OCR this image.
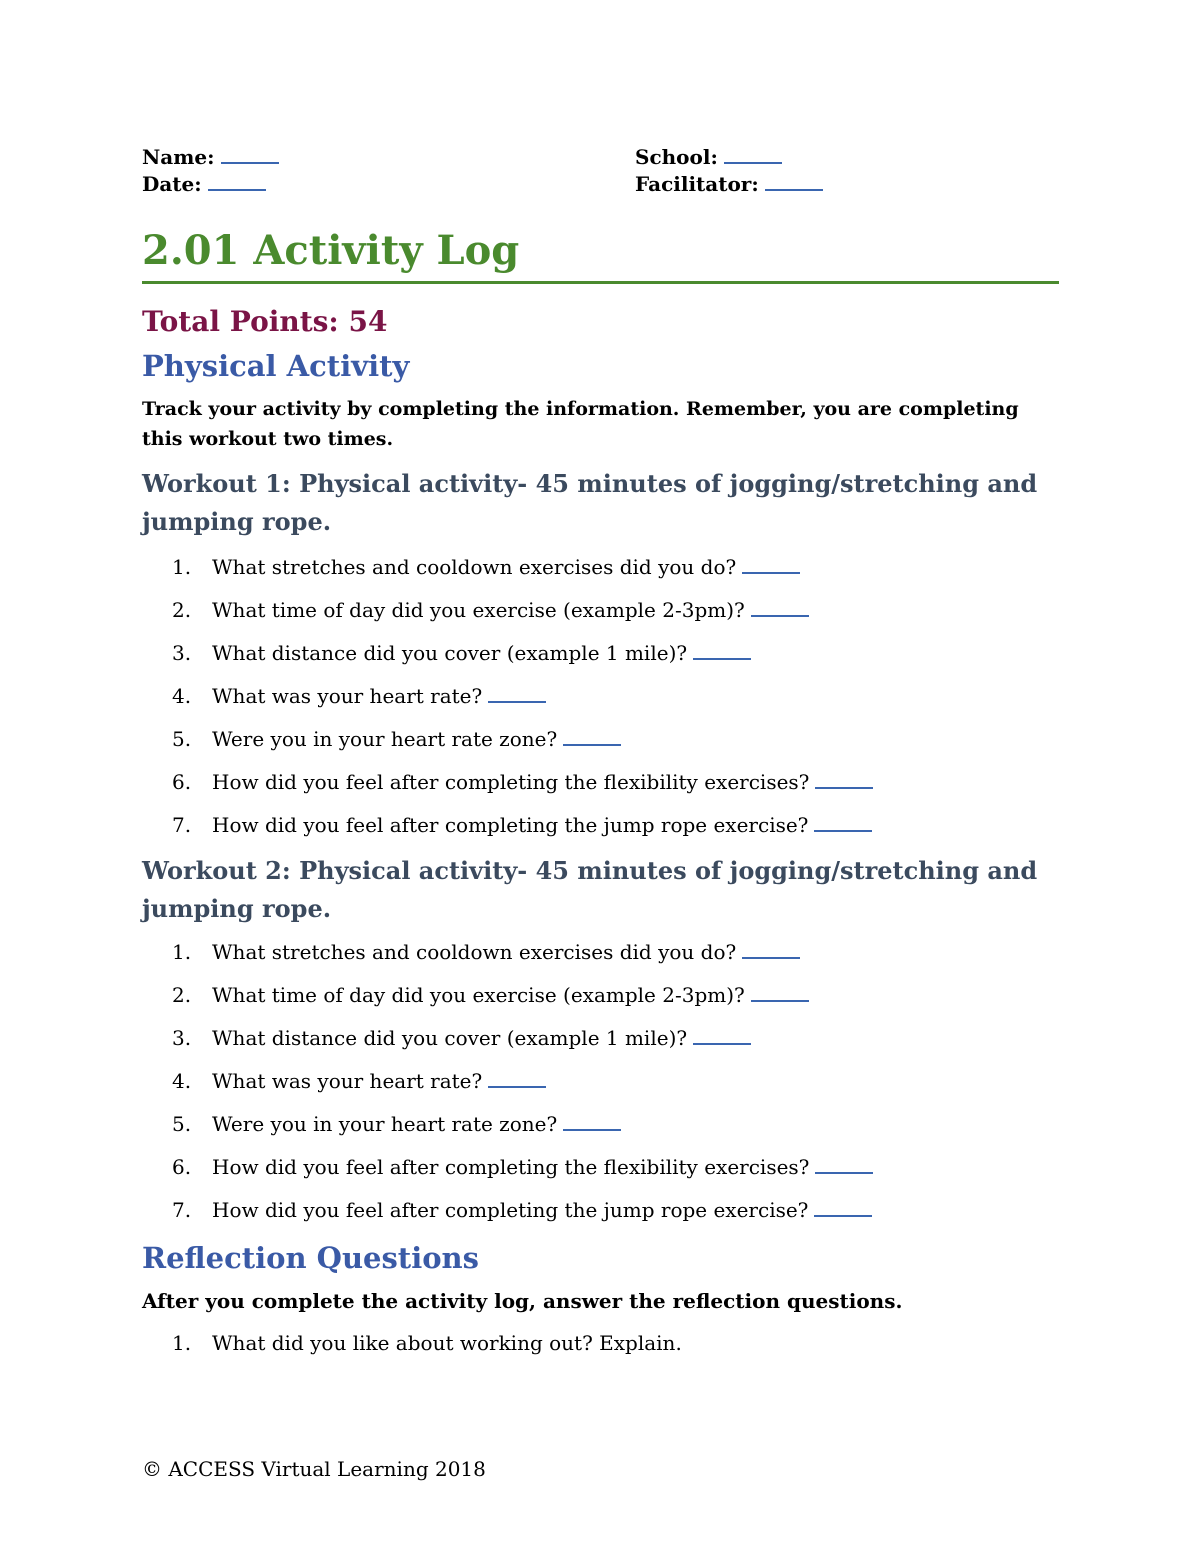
Name:
Date:
School:
Facilitator:
2.01 Activity Log
Total Points: 54
Physical Activity

Track your activity by completing the information. Remember, you are completing this workout two times.

Workout 1: Physical activity- 45 minutes of jogging/stretching and jumping rope.
1. What stretches and cooldown exercises did you do?
2. What time of day did you exercise (example 2-3pm)?
3. What distance did you cover (example 1 mile)?
4. What was your heart rate?
5. Were you in your heart rate zone?
6. How did you feel after completing the flexibility exercises?
7. How did you feel after completing the jump rope exercise?
Workout 2: Physical activity- 45 minutes of jogging/stretching and jumping rope.
1. What stretches and cooldown exercises did you do?
2. What time of day did you exercise (example 2-3pm)?
3. What distance did you cover (example 1 mile)?
4. What was your heart rate?
5. Were you in your heart rate zone?
6. How did you feel after completing the flexibility exercises?
7. How did you feel after completing the jump rope exercise?
Reflection Questions

After you complete the activity log, answer the reflection questions.

1. What did you like about working out? Explain.
© ACCESS Virtual Learning 2018
